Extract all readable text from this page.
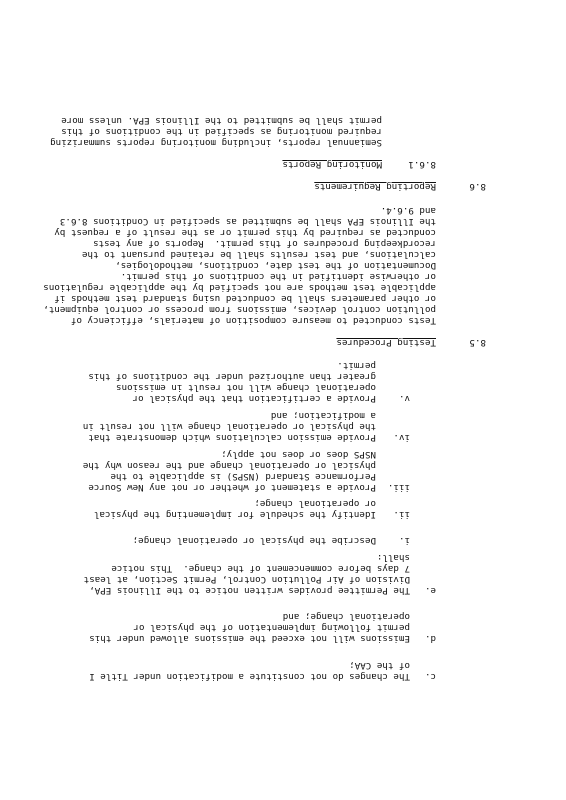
c.
The changes do not constitute a modification under Title I
of the CAA;
d.
Emissions will not exceed the emissions allowed under this
permit following implementation of the physical or
operational change; and
e.
The Permittee provides written notice to the Illinois EPA,
Division of Air Pollution Control, Permit Section, at least
7 days before commencement of the change.  This notice
shall:
i.
Describe the physical or operational change;
ii.
Identify the schedule for implementing the physical
or operational change;
iii.
Provide a statement of whether or not any New Source
Performance Standard (NSPS) is applicable to the
physical or operational change and the reason why the
NSPS does or does not apply;
iv.
Provide emission calculations which demonstrate that
the physical or operational change will not result in
a modification; and
v.
Provide a certification that the physical or
operational change will not result in emissions
greater than authorized under the conditions of this
permit.
8.5
Testing Procedures
Tests conducted to measure composition of materials, efficiency of
pollution control devices, emissions from process or control equipment,
or other parameters shall be conducted using standard test methods if
applicable test methods are not specified by the applicable regulations
or otherwise identified in the conditions of this permit.
Documentation of the test date, conditions, methodologies,
calculations, and test results shall be retained pursuant to the
recordkeeping procedures of this permit.  Reports of any tests
conducted as required by this permit or as the result of a request by
the Illinois EPA shall be submitted as specified in Conditions 8.6.3
and 9.6.4.
8.6
Reporting Requirements
8.6.1
Monitoring Reports
Semiannual reports, including monitoring reports summarizing
required monitoring as specified in the conditions of this
permit shall be submitted to the Illinois EPA. unless more
